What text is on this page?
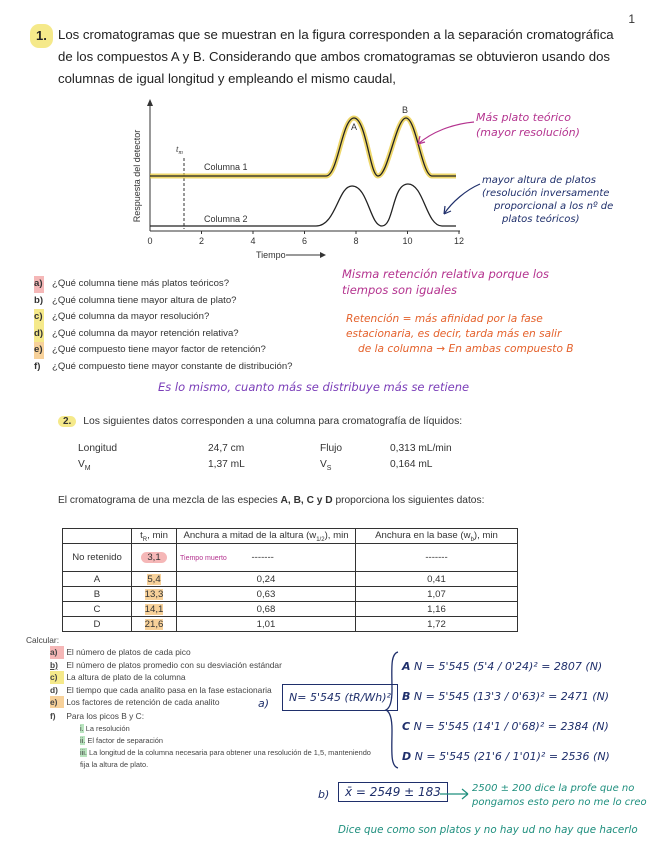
1
1. Los cromatogramas que se muestran en la figura corresponden a la separación cromatográfica de los compuestos A y B. Considerando que ambos cromatogramas se obtuvieron usando dos columnas de igual longitud y empleando el mismo caudal,
0	2	4	6	8	10	12
Respuesta del detector
Tiempo
$t_m$
Columna 1
Columna 2
A
B
Más plato teórico
(mayor resolución)
mayor altura de platos
(resolución inversamente
proporcional a los nº de
platos teóricos)
a) ¿Qué columna tiene más platos teóricos?
b) ¿Qué columna tiene mayor altura de plato?
c) ¿Qué columna da mayor resolución?
d) ¿Qué columna da mayor retención relativa?
e) ¿Qué compuesto tiene mayor factor de retención?
f)	¿Qué compuesto tiene mayor constante de distribución?
Misma retención relativa porque los
tiempos son iguales
Retención = más afinidad por la fase
estacionaria, es decir, tarda más en salir
de la columna → En ambas compuesto B
Es lo mismo, cuanto más se distribuye más se retiene
2. Los siguientes datos corresponden a una columna para cromatografía de líquidos:
Longitud	24,7 cm	Flujo	0,313 mL/min
$V_M$	1,37 mL	$V_S$	0,164 mL
El cromatograma de una mezcla de las especies A, B, C y D proporciona los siguientes datos:
	$t_R$, min	Anchura a mitad de la altura $(w_{1/2})$, min	Anchura en la base $(w_b)$, min
No retenido	3,1	Tiempo muerto -------	-------
A	5,4	0,24	0,41
B	13,3	0,63	1,07
C	14,1	0,68	1,16
D	21,6	1,01	1,72
Calcular:
a) El número de platos de cada pico
b) El número de platos promedio con su desviación estándar
c) La altura de plato de la columna
d) El tiempo que cada analito pasa en la fase estacionaria
e) Los factores de retención de cada analito
f) Para los picos B y C:
i. La resolución
ii. El factor de separación
iii. La longitud de la columna necesaria para obtener una resolución de 1,5, manteniendo fija la altura de plato.
a)	N= 5'545 (tR/Wh)²
A N = 5'545 (5'4 / 0'24)² = 2807 (N)
B N = 5'545 (13'3 / 0'63)² = 2471 (N)
C N = 5'545 (14'1 / 0'68)² = 2384 (N)
D N = 5'545 (21'6 / 1'01)² = 2536 (N)
b)	x̄ = 2549 ± 183	2500 ± 200 dice la profe que no
pongamos esto pero no me lo creo
Dice que como son platos y no hay ud no hay que hacerlo
